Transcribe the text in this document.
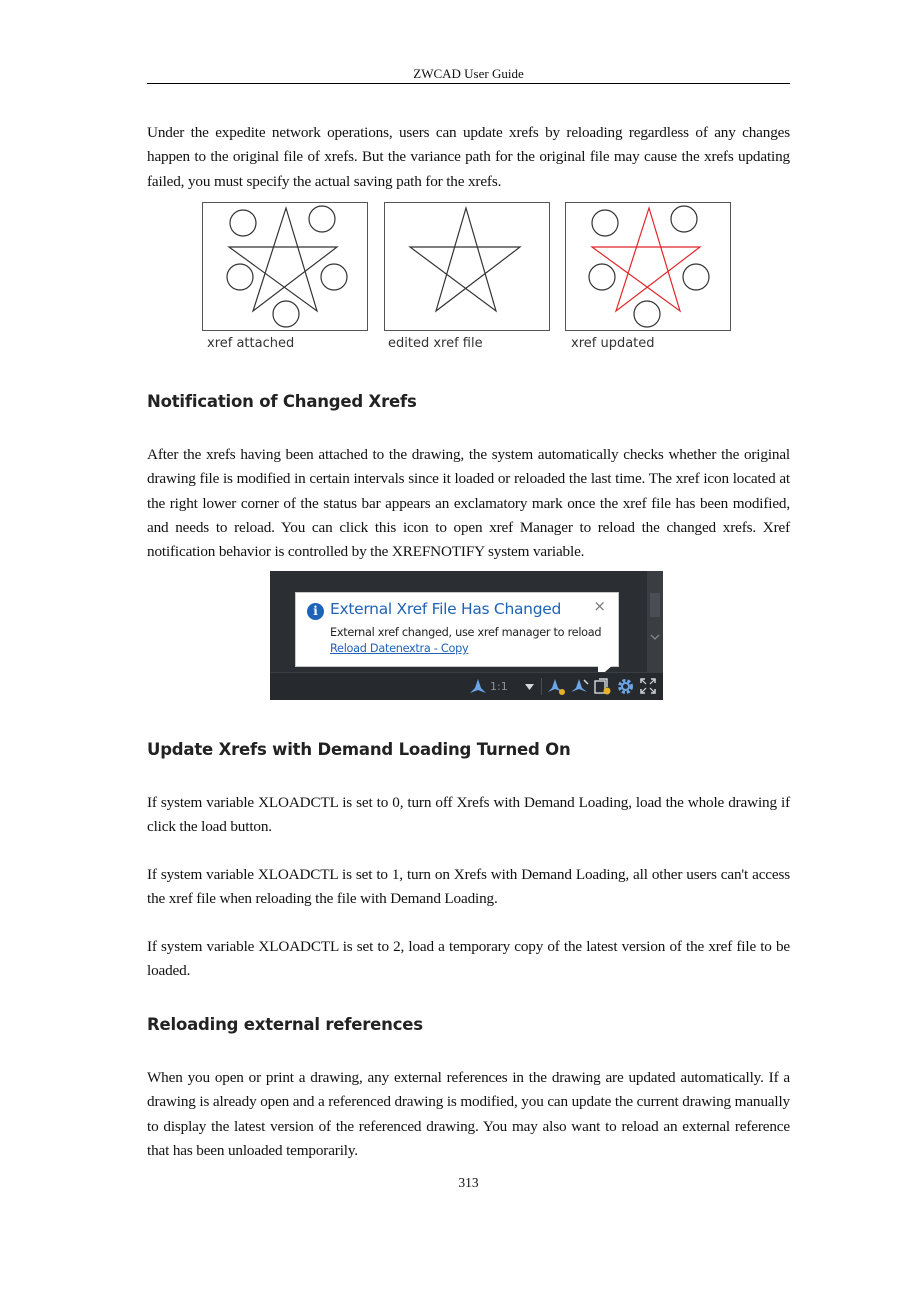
ZWCAD User Guide

Under the expedite network operations, users can update xrefs by reloading regardless of any changes happen to the original file of xrefs. But the variance path for the original file may cause the xrefs updating failed, you must specify the actual saving path for the xrefs.

xref attached	edited xref file	xref updated
Notification of Changed Xrefs

After the xrefs having been attached to the drawing, the system automatically checks whether the original drawing file is modified in certain intervals since it loaded or reloaded the last time. The xref icon located at the right lower corner of the status bar appears an exclamatory mark once the xref file has been modified, and needs to reload. You can click this icon to open xref Manager to reload the changed xrefs. Xref notification behavior is controlled by the XREFNOTIFY system variable.

i External Xref File Has Changed ×
External xref changed, use xref manager to reload
Reload Datenextra - Copy
1:1
Update Xrefs with Demand Loading Turned On

If system variable XLOADCTL is set to 0, turn off Xrefs with Demand Loading, load the whole drawing if click the load button.

If system variable XLOADCTL is set to 1, turn on Xrefs with Demand Loading, all other users can't access the xref file when reloading the file with Demand Loading.

If system variable XLOADCTL is set to 2, load a temporary copy of the latest version of the xref file to be loaded.

Reloading external references

When you open or print a drawing, any external references in the drawing are updated automatically. If a drawing is already open and a referenced drawing is modified, you can update the current drawing manually to display the latest version of the referenced drawing. You may also want to reload an external reference that has been unloaded temporarily.

313
